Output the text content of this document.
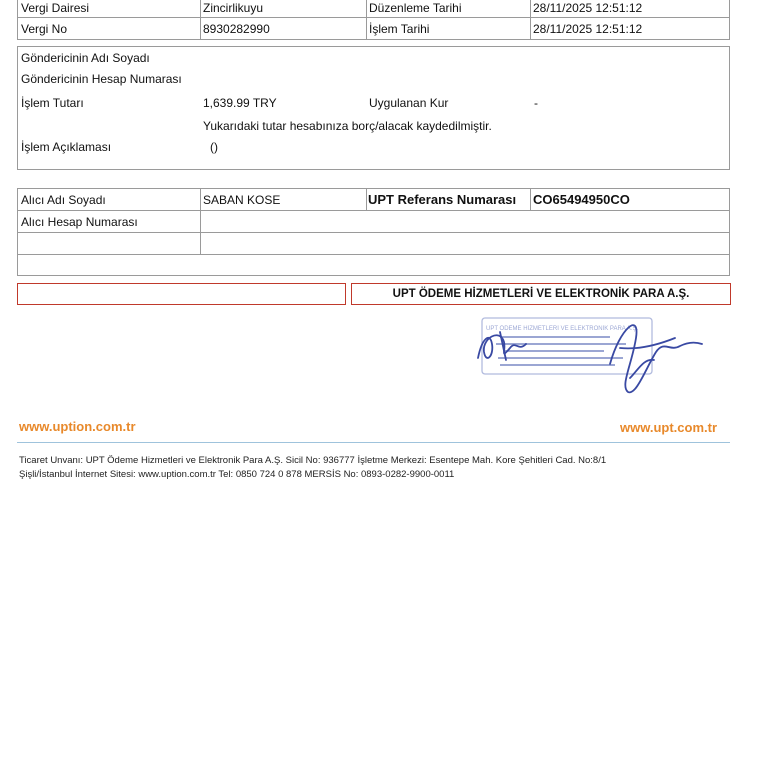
Vergi Dairesi	Zincirlikuyu	Düzenleme Tarihi	28/11/2025 12:51:12
Vergi No	8930282990	İşlem Tarihi	28/11/2025 12:51:12
Göndericinin Adı Soyadı
Göndericinin Hesap Numarası
İşlem Tutarı	1,639.99 TRY	Uygulanan Kur	-
Yukarıdaki tutar hesabınıza borç/alacak kaydedilmiştir.
İşlem Açıklaması	()
Alıcı Adı Soyadı	SABAN KOSE	UPT Referans Numarası CO65494950CO
Alıcı Hesap Numarası
UPT ÖDEME HİZMETLERİ VE ELEKTRONİK PARA A.Ş.
UPT ÖDEME HİZMETLERİ VE ELEKTRONİK PARA A.Ş.
www.uption.com.tr	www.upt.com.tr
Ticaret Unvanı: UPT Ödeme Hizmetleri ve Elektronik Para A.Ş. Sicil No: 936777 İşletme Merkezi: Esentepe Mah. Kore Şehitleri Cad. No:8/1
Şişli/İstanbul İnternet Sitesi: www.uption.com.tr Tel: 0850 724 0 878 MERSİS No: 0893-0282-9900-0011
